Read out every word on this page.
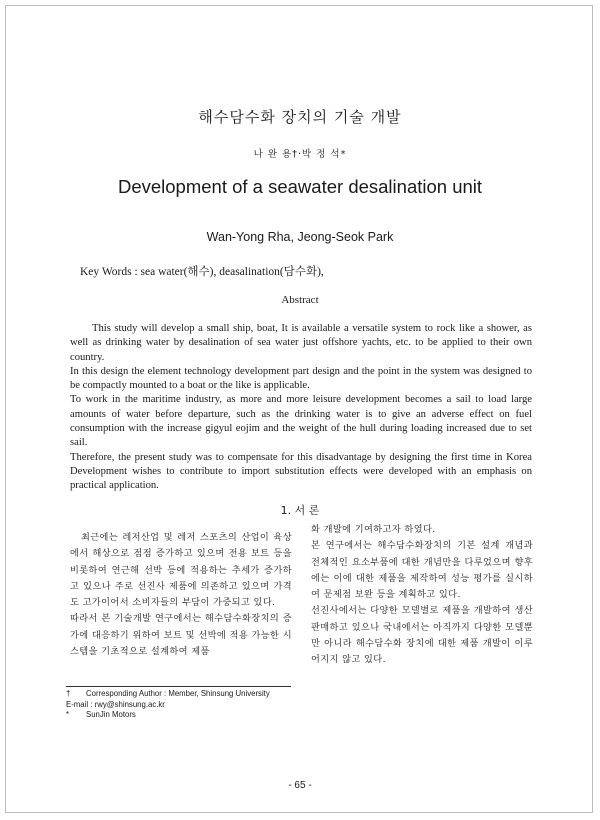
해수담수화 장치의 기술 개발
나 완 용†·박 정 석*
Development of a seawater desalination unit
Wan-Yong Rha, Jeong-Seok Park
Key Words : sea water(해수), deasalination(담수화),
Abstract

This study will develop a small ship, boat, It is available a versatile system to rock like a shower, as well as drinking water by desalination of sea water just offshore yachts, etc. to be applied to their own country.

In this design the element technology development part design and the point in the system was designed to be compactly mounted to a boat or the like is applicable.

To work in the maritime industry, as more and more leisure development becomes a sail to load large amounts of water before departure, such as the drinking water is to give an adverse effect on fuel consumption with the increase gigyul eojim and the weight of the hull during loading increased due to set sail.

Therefore, the present study was to compensate for this disadvantage by designing the first time in Korea Development wishes to contribute to import substitution effects were developed with an emphasis on practical application.

1. 서 론

최근에는 레저산업 및 레저 스포츠의 산업이 육상에서 해상으로 점점 증가하고 있으며 전용 보트 등을 비롯하여 연근해 선박 등에 적용하는 추세가 증가하고 있으나 주로 선진사 제품에 의존하고 있으며 가격도 고가이어서 소비자들의 부담이 가중되고 있다.

따라서 본 기술개발 연구에서는 해수담수화장치의 증가에 대응하기 위하여 보트 및 선박에 적용 가능한 시스템을 기초적으로 설계하여 제품

화 개발에 기여하고자 하였다.

본 연구에서는 해수담수화장치의 기본 설계 개념과 전체적인 요소부품에 대한 개념만을 다루었으며 향후에는 이에 대한 제품을 제작하여 성능 평가를 실시하여 문제점 보완 등을 계획하고 있다.

선진사에서는 다양한 모델별로 제품을 개발하여 생산판매하고 있으나 국내에서는 아직까지 다양한 모델뿐만 아니라 해수담수화 장치에 대한 제품 개발이 이루어지지 않고 있다.

†	Corresponding Author : Member, Shinsung University
E-mail : rwy@shinsung.ac.kr
*	SunJin Motors
- 65 -
